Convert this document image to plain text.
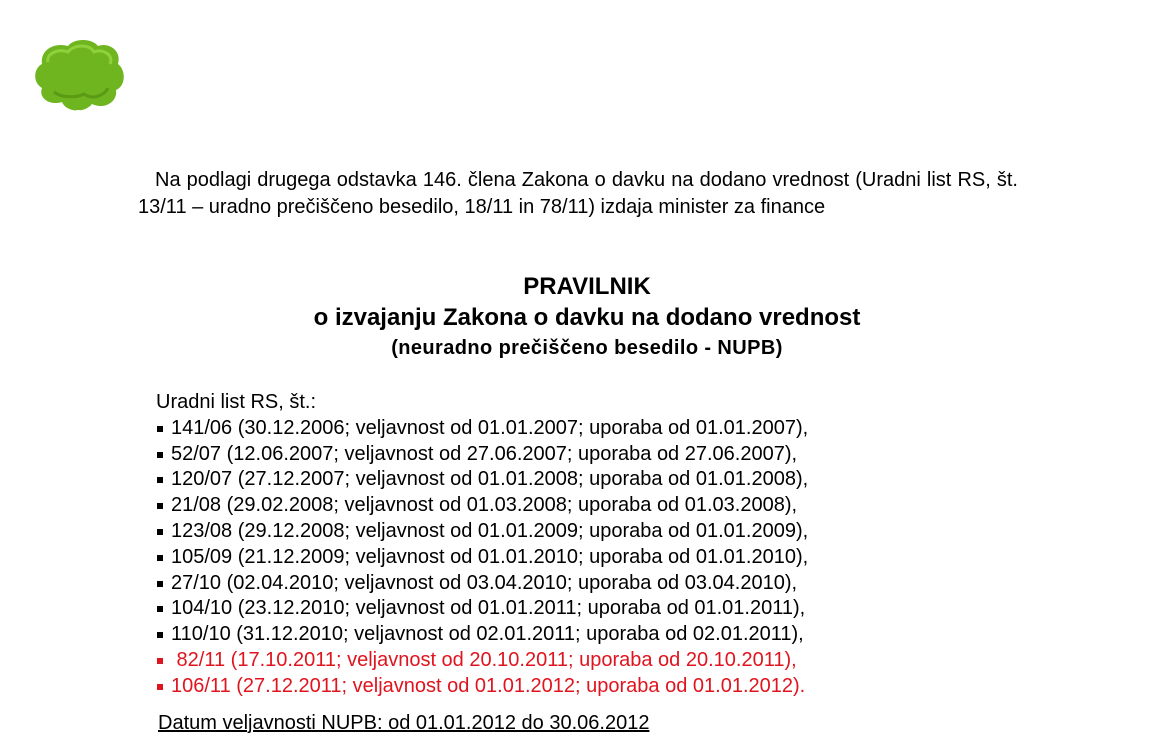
DDVpoznavalec.si

Na podlagi drugega odstavka 146. člena Zakona o davku na dodano vrednost (Uradni list RS, št. 13/11 – uradno prečiščeno besedilo, 18/11 in 78/11) izdaja minister za finance

PRAVILNIK
o izvajanju Zakona o davku na dodano vrednost
(neuradno prečiščeno besedilo - NUPB)

Uradni list RS, št.:

141/06 (30.12.2006; veljavnost od 01.01.2007; uporaba od 01.01.2007),
52/07 (12.06.2007; veljavnost od 27.06.2007; uporaba od 27.06.2007),
120/07 (27.12.2007; veljavnost od 01.01.2008; uporaba od 01.01.2008),
21/08 (29.02.2008; veljavnost od 01.03.2008; uporaba od 01.03.2008),
123/08 (29.12.2008; veljavnost od 01.01.2009; uporaba od 01.01.2009),
105/09 (21.12.2009; veljavnost od 01.01.2010; uporaba od 01.01.2010),
27/10 (02.04.2010; veljavnost od 03.04.2010; uporaba od 03.04.2010),
104/10 (23.12.2010; veljavnost od 01.01.2011; uporaba od 01.01.2011),
110/10 (31.12.2010; veljavnost od 02.01.2011; uporaba od 02.01.2011),
82/11 (17.10.2011; veljavnost od 20.10.2011; uporaba od 20.10.2011),
106/11 (27.12.2011; veljavnost od 01.01.2012; uporaba od 01.01.2012).

Datum veljavnosti NUPB: od 01.01.2012 do 30.06.2012
